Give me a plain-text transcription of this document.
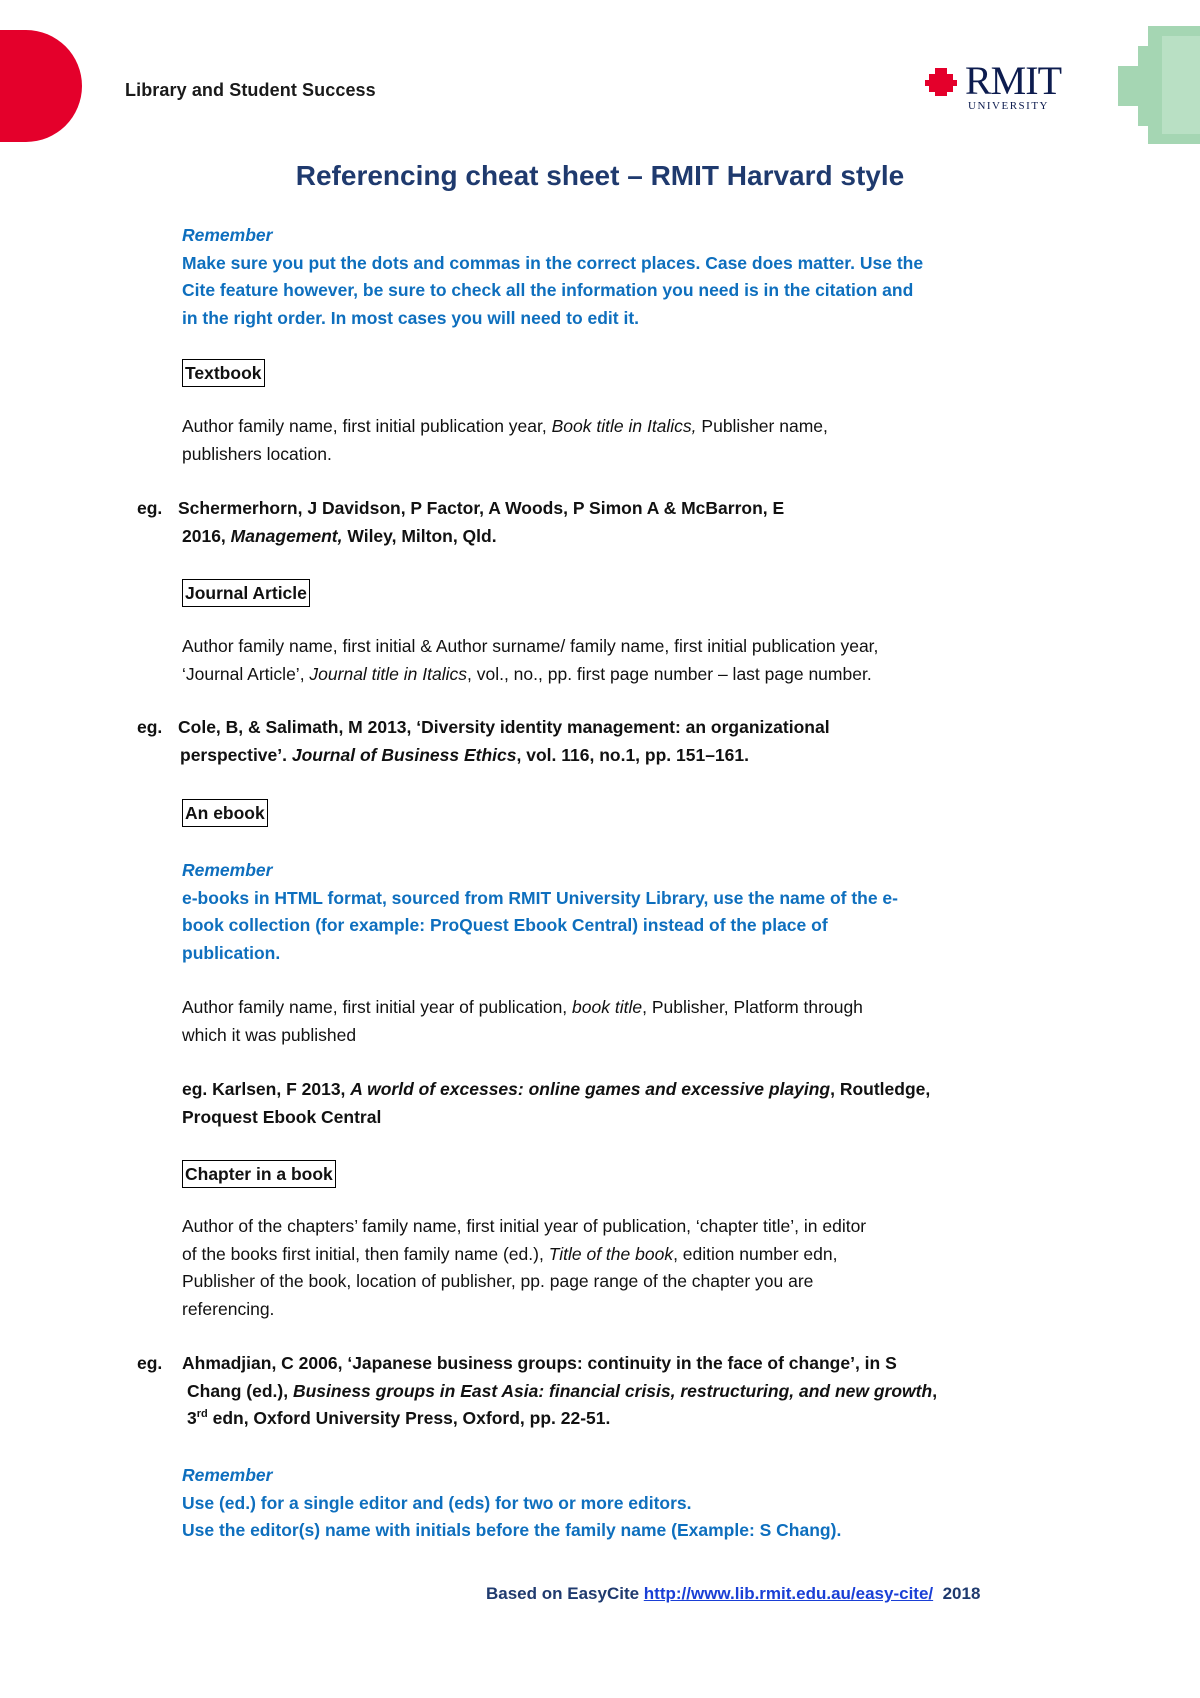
Library and Student Success	RMIT
UNIVERSITY
Referencing cheat sheet – RMIT Harvard style
Remember
Make sure you put the dots and commas in the correct places. Case does matter. Use the
Cite feature however, be sure to check all the information you need is in the citation and
in the right order. In most cases you will need to edit it.
Textbook
Author family name, first initial publication year, Book title in Italics, Publisher name,
publishers location.
eg. Schermerhorn, J Davidson, P Factor, A Woods, P Simon A & McBarron, E
2016, Management, Wiley, Milton, Qld.
Journal Article
Author family name, first initial & Author surname/ family name, first initial publication year,
‘Journal Article’, Journal title in Italics, vol., no., pp. first page number – last page number.
eg. Cole, B, & Salimath, M 2013, ‘Diversity identity management: an organizational
perspective’. Journal of Business Ethics, vol. 116, no.1, pp. 151–161.
An ebook
Remember
e-books in HTML format, sourced from RMIT University Library, use the name of the e-
book collection (for example: ProQuest Ebook Central) instead of the place of
publication.
Author family name, first initial year of publication, book title, Publisher, Platform through
which it was published
eg. Karlsen, F 2013, A world of excesses: online games and excessive playing, Routledge,
Proquest Ebook Central
Chapter in a book
Author of the chapters’ family name, first initial year of publication, ‘chapter title’, in editor
of the books first initial, then family name (ed.), Title of the book, edition number edn,
Publisher of the book, location of publisher, pp. page range of the chapter you are
referencing.
eg. Ahmadjian, C 2006, ‘Japanese business groups: continuity in the face of change’, in S
Chang (ed.), Business groups in East Asia: financial crisis, restructuring, and new growth,
3rd edn, Oxford University Press, Oxford, pp. 22-51.
Remember
Use (ed.) for a single editor and (eds) for two or more editors.
Use the editor(s) name with initials before the family name (Example: S Chang).
Based on EasyCite http://www.lib.rmit.edu.au/easy-cite/  2018
